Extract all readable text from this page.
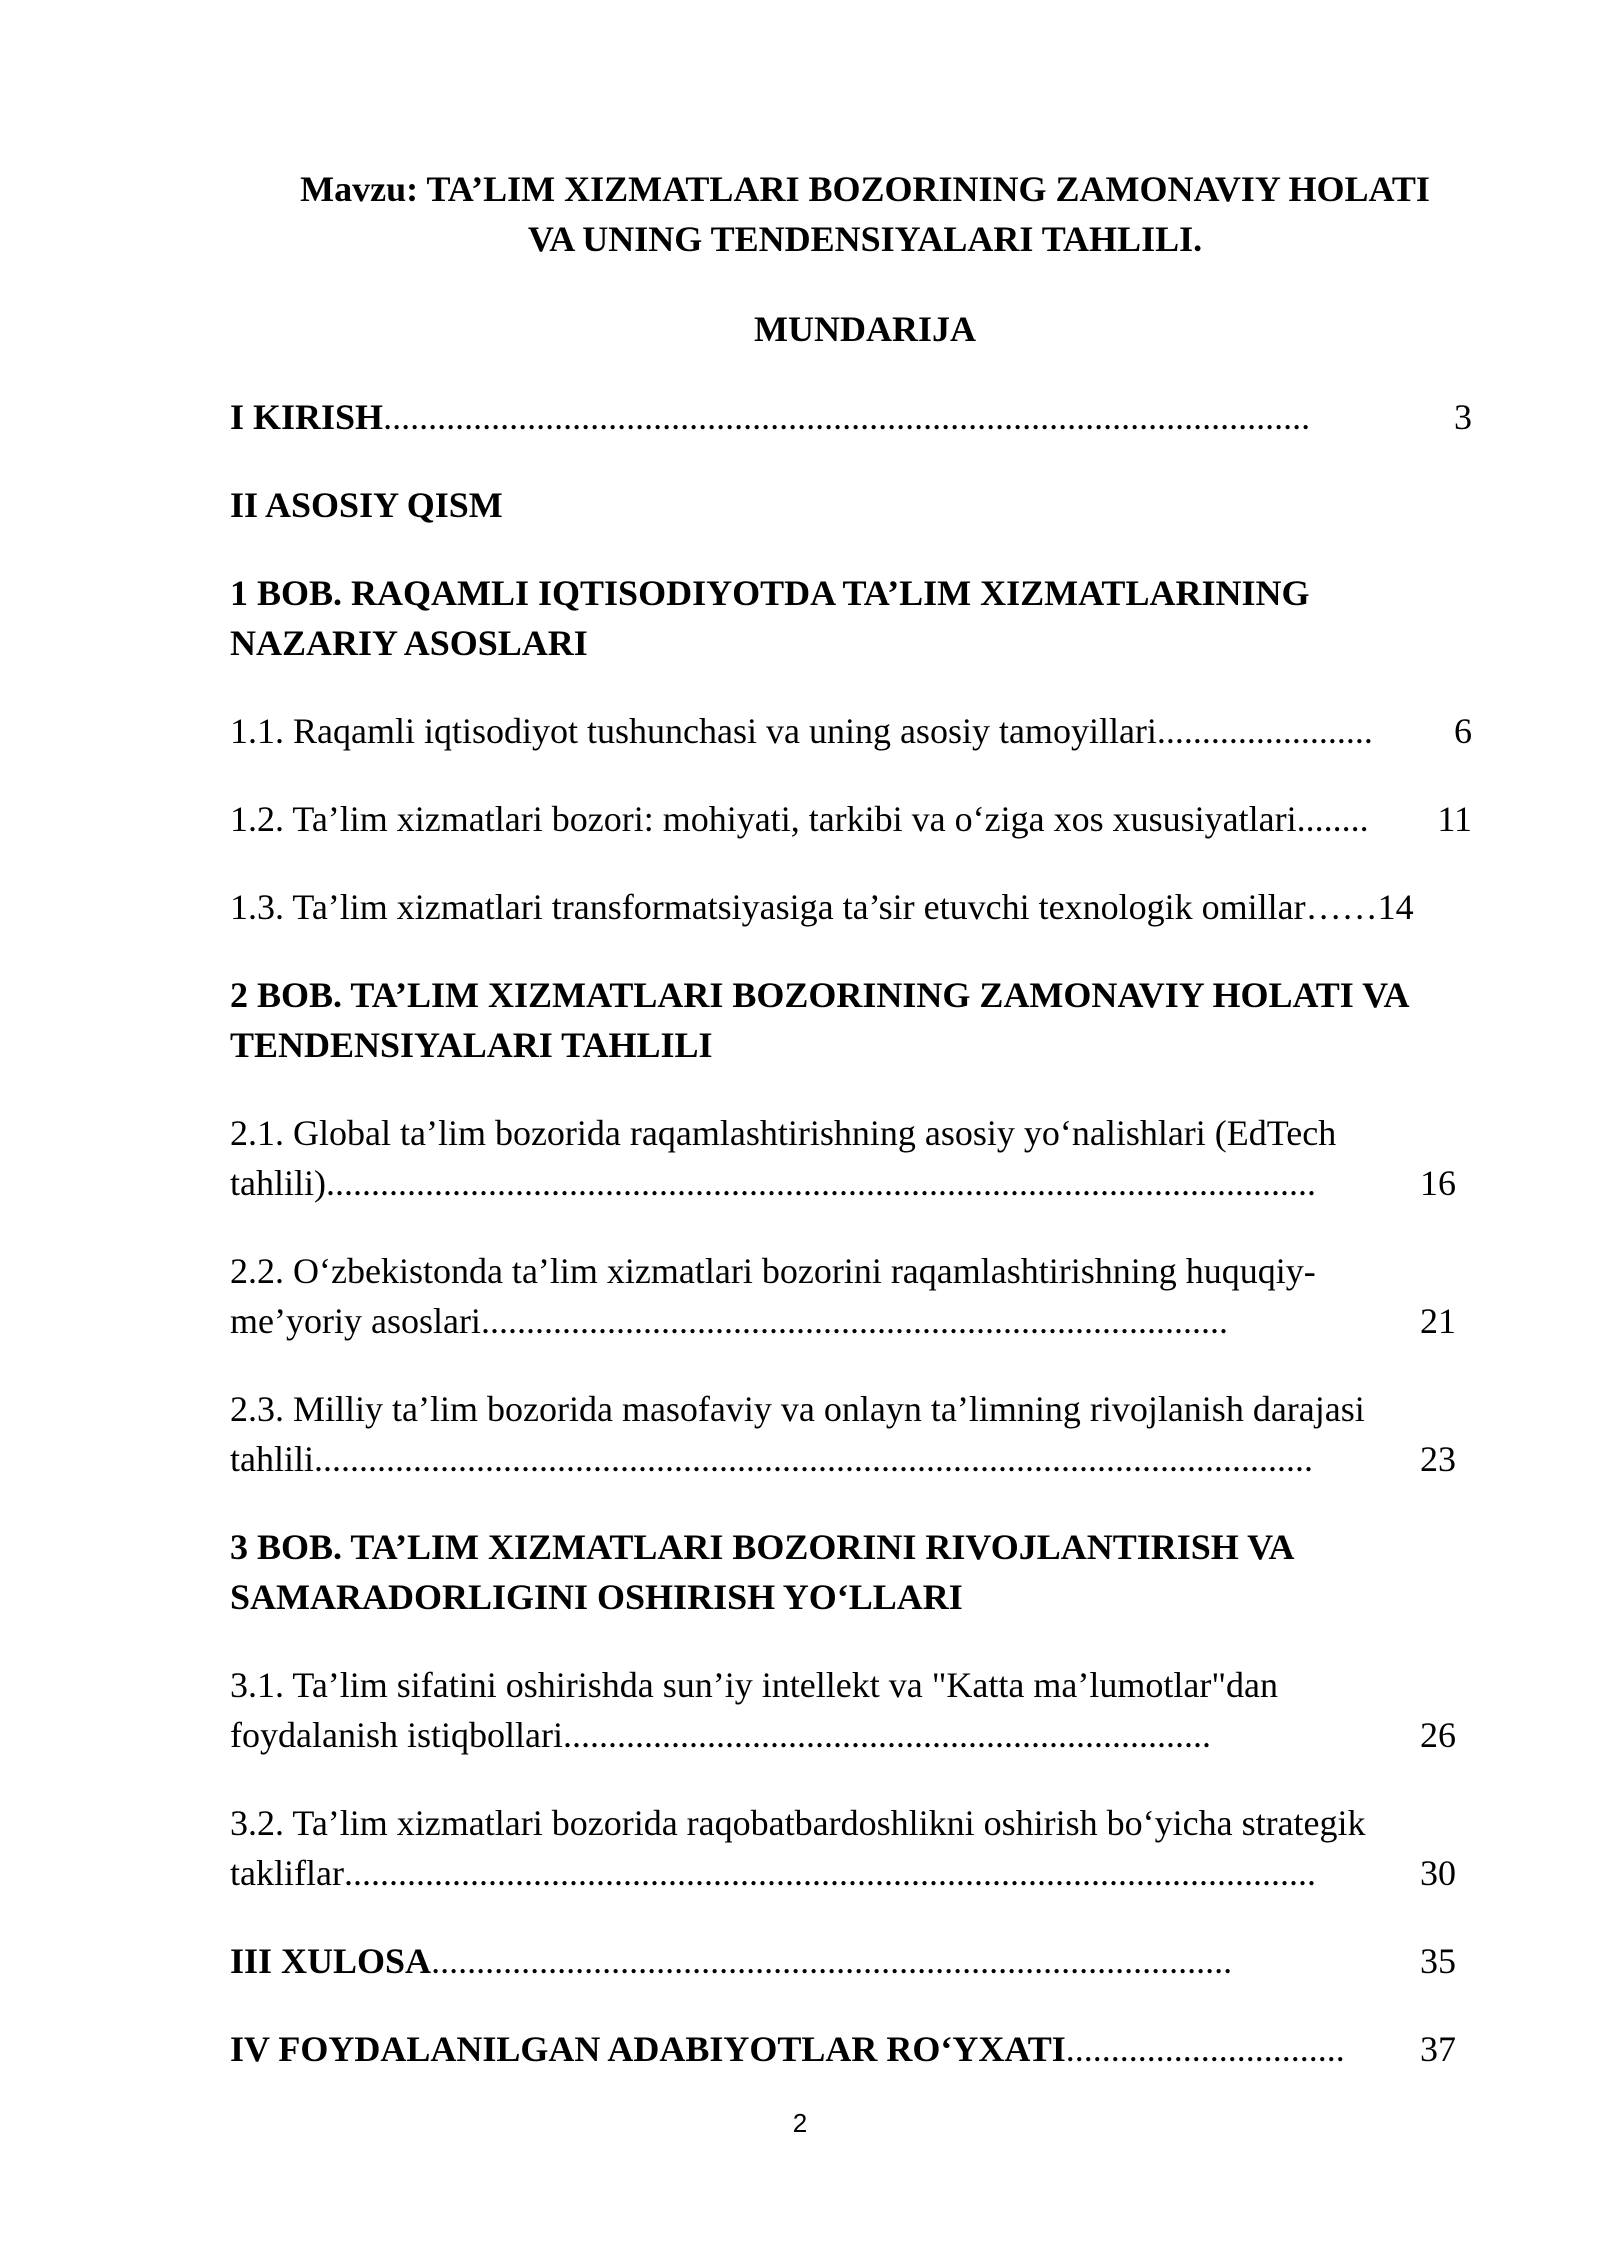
Mavzu: TA’LIM XIZMATLARI BOZORINING ZAMONAVIY HOLATI
VA UNING TENDENSIYALARI TAHLILI.
MUNDARIJA
I KIRISH .......................................................................................................	3
II ASOSIY QISM
1 BOB. RAQAMLI IQTISODIYOTDA TA’LIM XIZMATLARINING
NAZARIY ASOSLARI
1.1. Raqamli iqtisodiyot tushunchasi va uning asosiy tamoyillari ........................	6
1.2. Ta’lim xizmatlari bozori: mohiyati, tarkibi va o‘ziga xos xususiyatlari ........	11
1.3. Ta’lim xizmatlari transformatsiyasiga ta’sir etuvchi texnologik omillar …… 14
2 BOB. TA’LIM XIZMATLARI BOZORINING ZAMONAVIY HOLATI VA
TENDENSIYALARI TAHLILI
2.1. Global ta’lim bozorida raqamlashtirishning asosiy yo‘nalishlari (EdTech
tahlili) ..............................................................................................................	16
2.2. O‘zbekistonda ta’lim xizmatlari bozorini raqamlashtirishning huquqiy-
me’yoriy asoslari ...................................................................................	21
2.3. Milliy ta’lim bozorida masofaviy va onlayn ta’limning rivojlanish darajasi
tahlili ...............................................................................................................	23
3 BOB. TA’LIM XIZMATLARI BOZORINI RIVOJLANTIRISH VA
SAMARADORLIGINI OSHIRISH YO‘LLARI
3.1. Ta’lim sifatini oshirishda sun’iy intellekt va "Katta ma’lumotlar"dan
foydalanish istiqbollari ........................................................................	26
3.2. Ta’lim xizmatlari bozorida raqobatbardoshlikni oshirish bo‘yicha strategik
takliflar ............................................................................................................	30
III XULOSA .........................................................................................	35
IV FOYDALANILGAN ADABIYOTLAR RO‘YXATI ...............................	37
2
